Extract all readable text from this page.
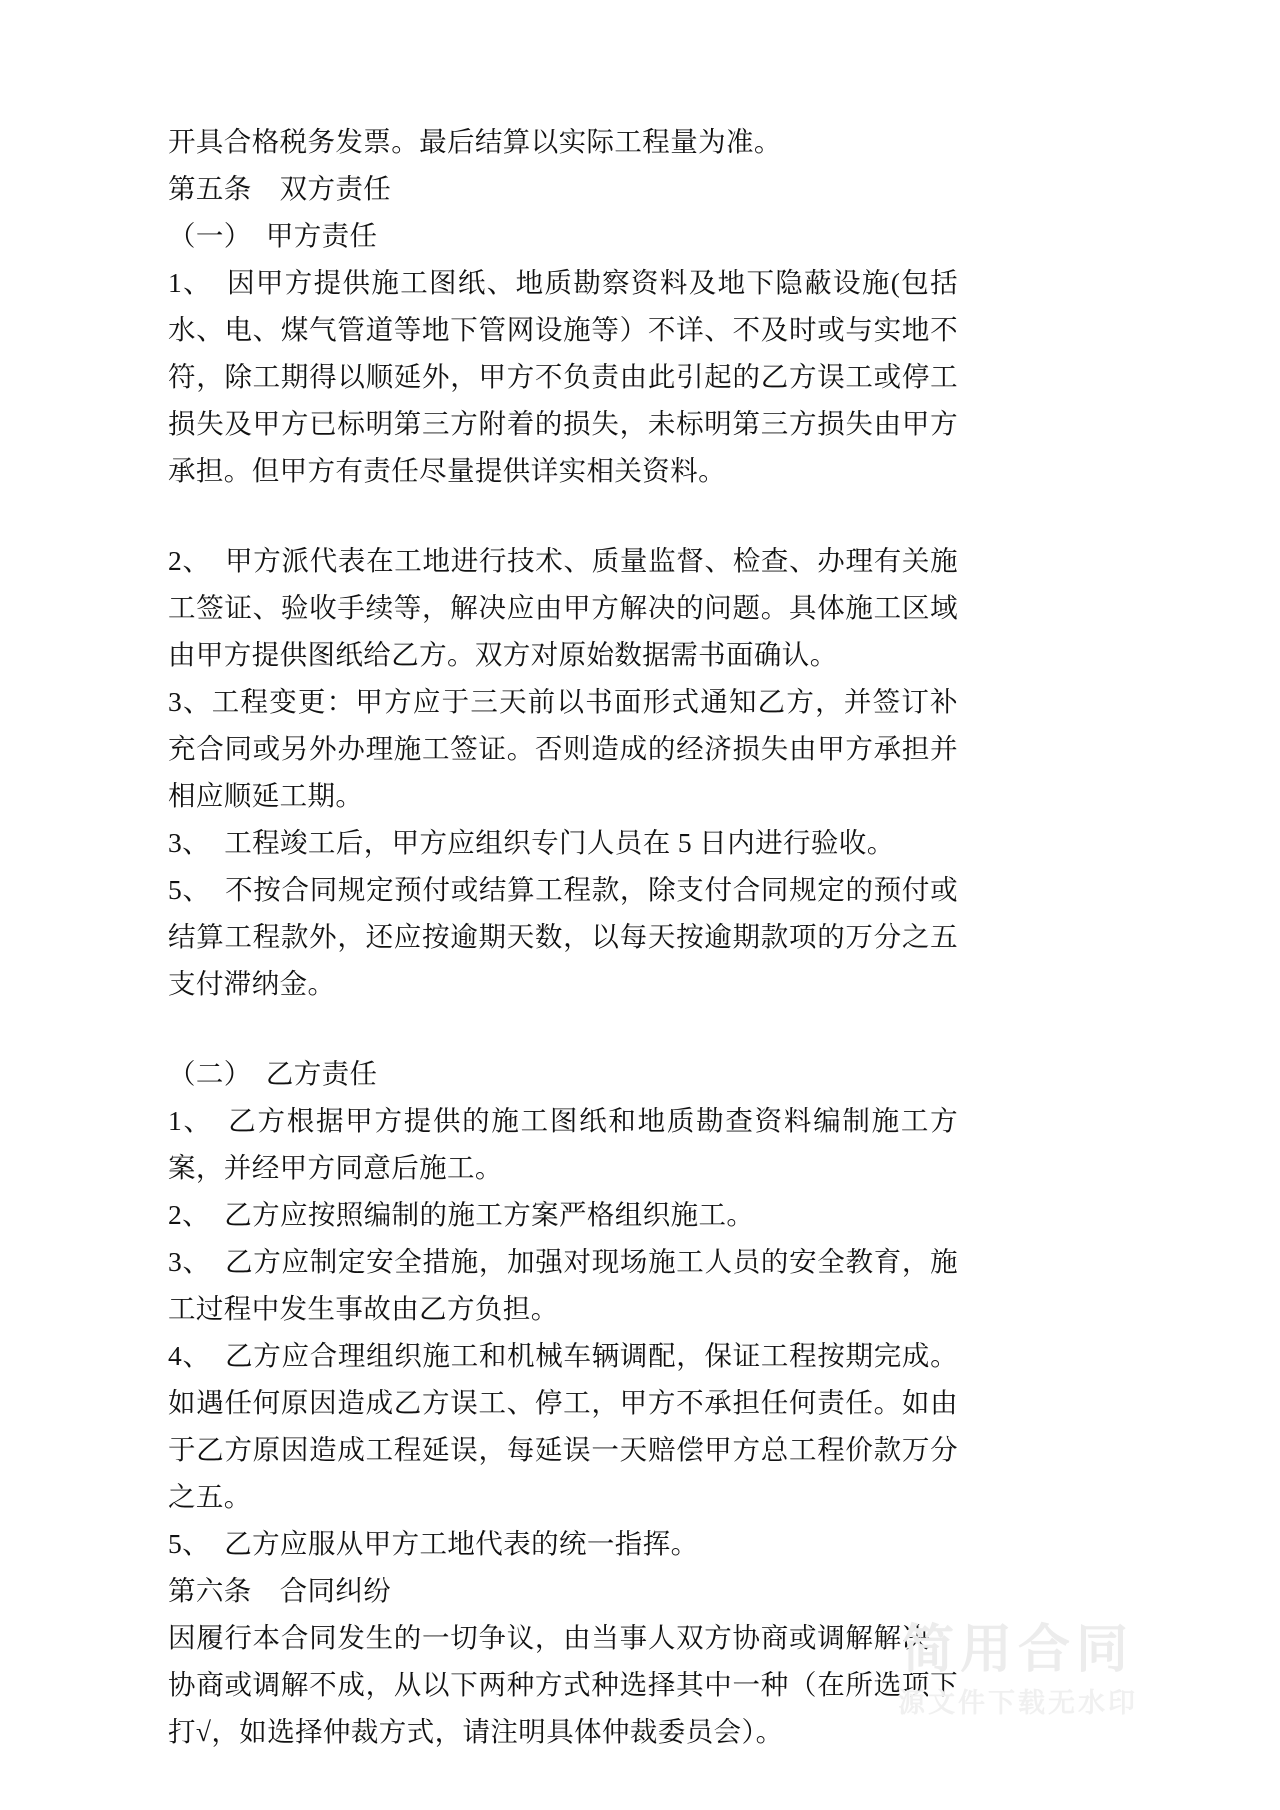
开具合格税务发票。最后结算以实际工程量为准。

第五条　双方责任

（一）　甲方责任

1、　因甲方提供施工图纸、地质勘察资料及地下隐蔽设施(包括水、电、煤气管道等地下管网设施等）不详、不及时或与实地不符，除工期得以顺延外，甲方不负责由此引起的乙方误工或停工损失及甲方已标明第三方附着的损失，未标明第三方损失由甲方承担。但甲方有责任尽量提供详实相关资料。

2、　甲方派代表在工地进行技术、质量监督、检查、办理有关施工签证、验收手续等，解决应由甲方解决的问题。具体施工区域由甲方提供图纸给乙方。双方对原始数据需书面确认。

3、工程变更：甲方应于三天前以书面形式通知乙方，并签订补充合同或另外办理施工签证。否则造成的经济损失由甲方承担并相应顺延工期。

3、　工程竣工后，甲方应组织专门人员在 5 日内进行验收。

5、　不按合同规定预付或结算工程款，除支付合同规定的预付或结算工程款外，还应按逾期天数，以每天按逾期款项的万分之五支付滞纳金。

（二）　乙方责任

1、　乙方根据甲方提供的施工图纸和地质勘查资料编制施工方案，并经甲方同意后施工。

2、　乙方应按照编制的施工方案严格组织施工。

3、　乙方应制定安全措施，加强对现场施工人员的安全教育，施工过程中发生事故由乙方负担。

4、　乙方应合理组织施工和机械车辆调配，保证工程按期完成。如遇任何原因造成乙方误工、停工，甲方不承担任何责任。如由于乙方原因造成工程延误，每延误一天赔偿甲方总工程价款万分之五。

5、　乙方应服从甲方工地代表的统一指挥。

第六条　合同纠纷

因履行本合同发生的一切争议，由当事人双方协商或调解解决，协商或调解不成，从以下两种方式种选择其中一种（在所选项下打√，如选择仲裁方式，请注明具体仲裁委员会）。

简用合同
源文件下载无水印
